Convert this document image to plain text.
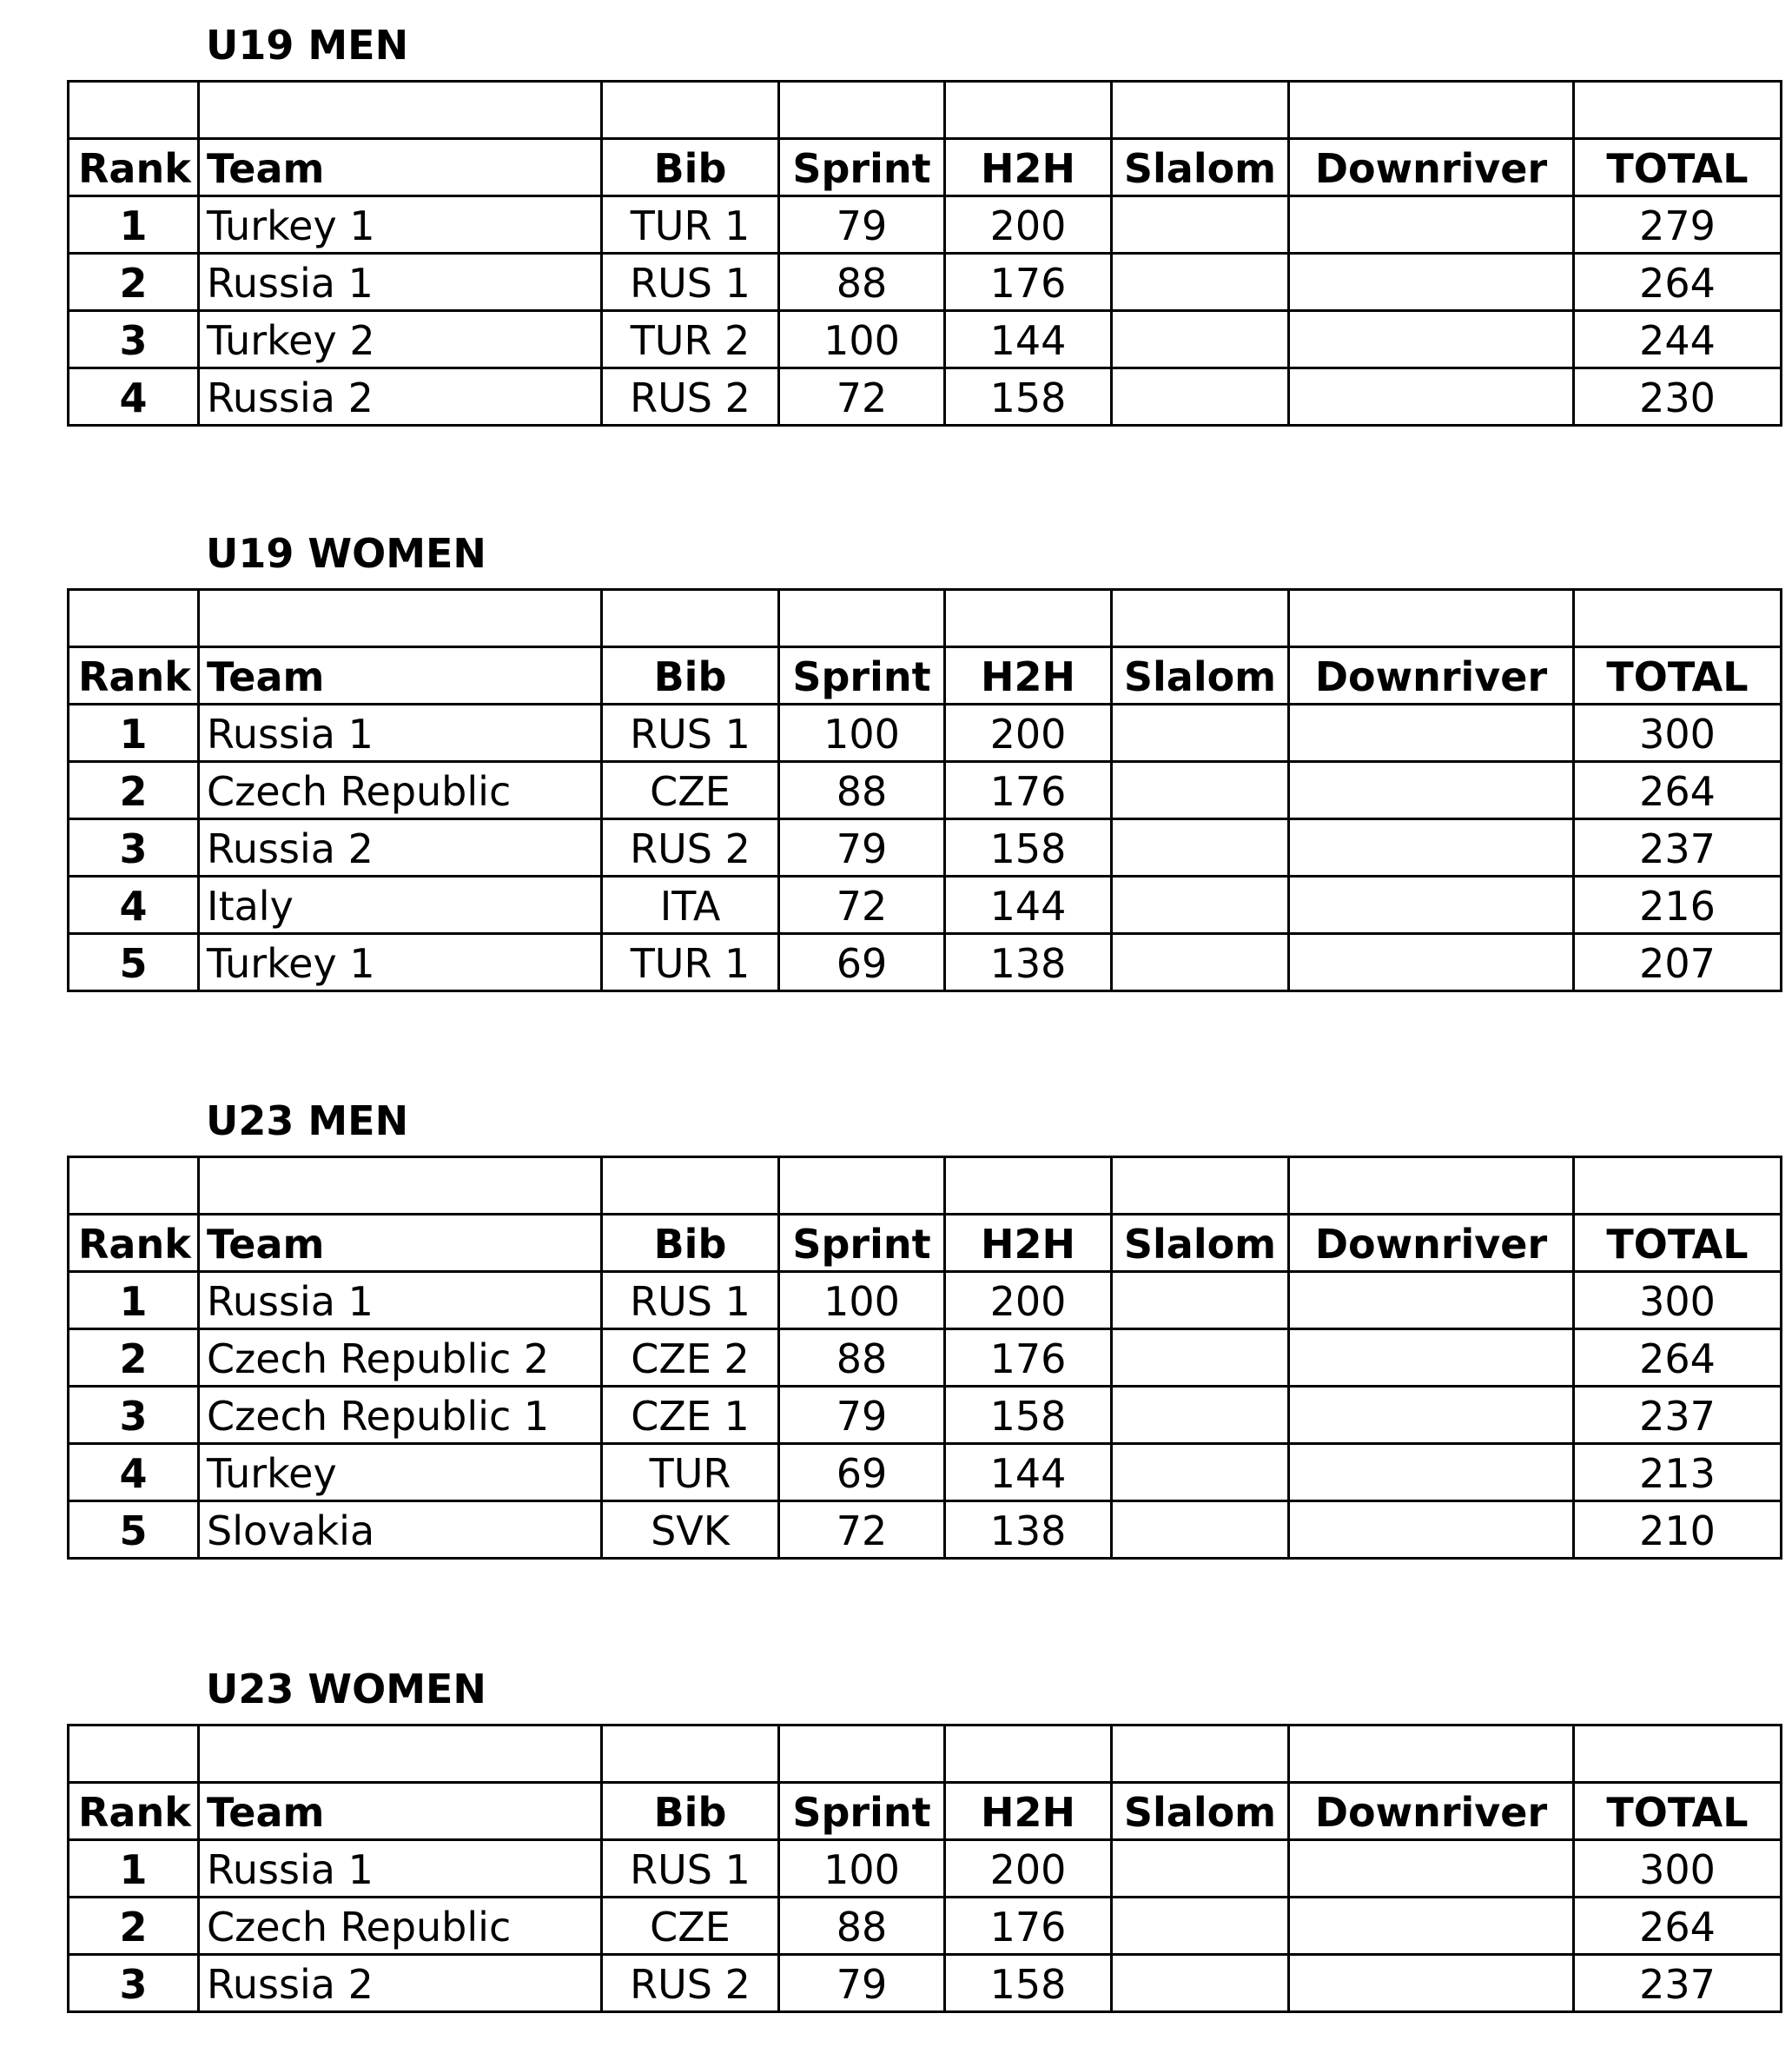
U19 MEN

Rank	Team	Bib	Sprint	H2H	Slalom	Downriver	TOTAL
1	Turkey 1	TUR 1	79	200			279
2	Russia 1	RUS 1	88	176			264
3	Turkey 2	TUR 2	100	144			244
4	Russia 2	RUS 2	72	158			230
U19 WOMEN

Rank	Team	Bib	Sprint	H2H	Slalom	Downriver	TOTAL
1	Russia 1	RUS 1	100	200			300
2	Czech Republic	CZE	88	176			264
3	Russia 2	RUS 2	79	158			237
4	Italy	ITA	72	144			216
5	Turkey 1	TUR 1	69	138			207
U23 MEN

Rank	Team	Bib	Sprint	H2H	Slalom	Downriver	TOTAL
1	Russia 1	RUS 1	100	200			300
2	Czech Republic 2	CZE 2	88	176			264
3	Czech Republic 1	CZE 1	79	158			237
4	Turkey	TUR	69	144			213
5	Slovakia	SVK	72	138			210
U23 WOMEN

Rank	Team	Bib	Sprint	H2H	Slalom	Downriver	TOTAL
1	Russia 1	RUS 1	100	200			300
2	Czech Republic	CZE	88	176			264
3	Russia 2	RUS 2	79	158			237
